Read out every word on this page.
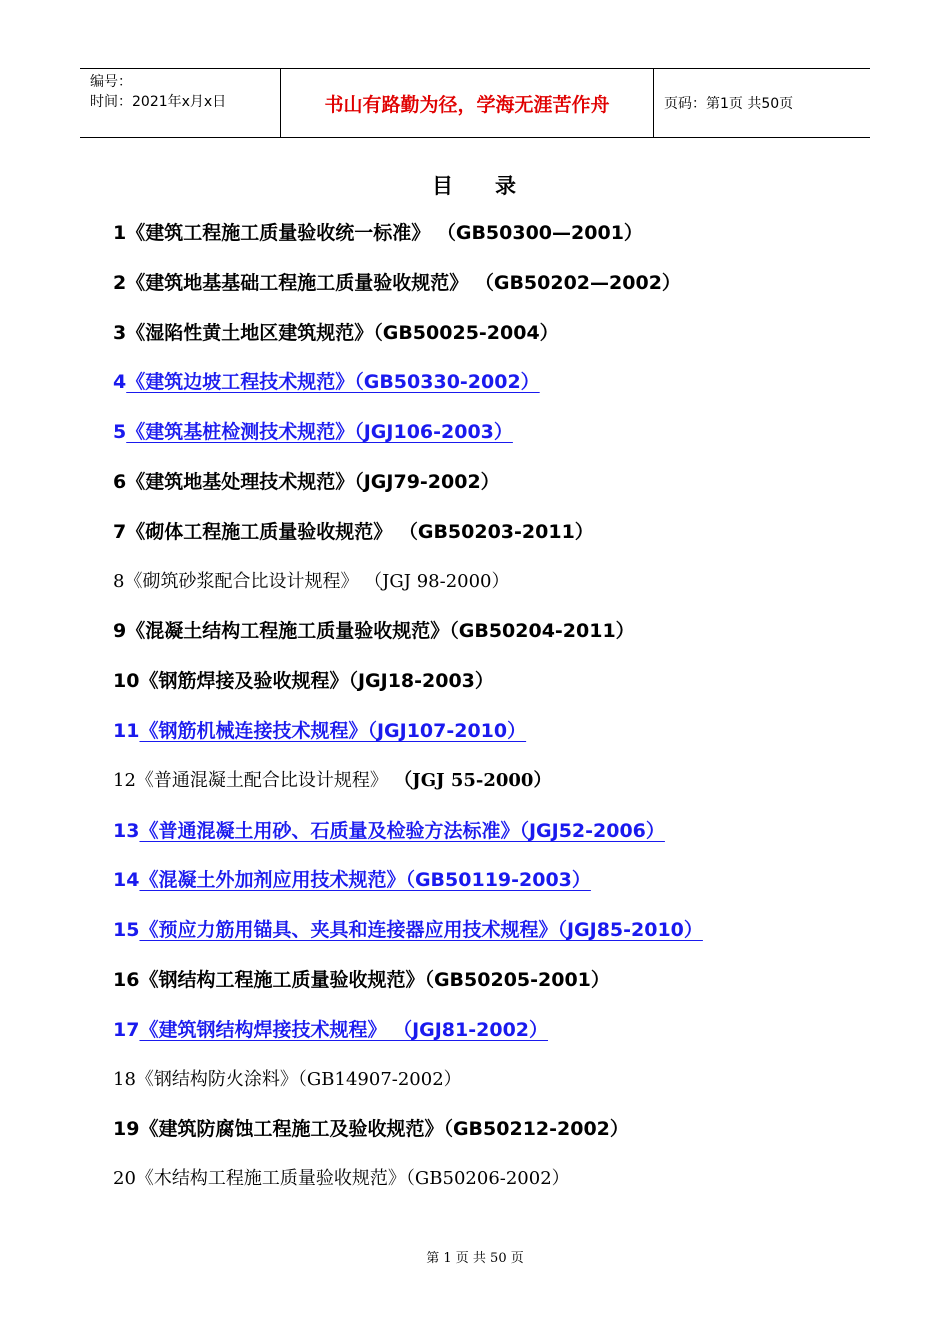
编号：
时间：2021年x月x日	书山有路勤为径，学海无涯苦作舟	页码：第1页 共50页
目 录
1《建筑工程施工质量验收统一标准》 （GB50300—2001）
2《建筑地基基础工程施工质量验收规范》 （GB50202—2002）
3《湿陷性黄土地区建筑规范》（GB50025-2004）
4《建筑边坡工程技术规范》（GB50330-2002）
5《建筑基桩检测技术规范》（JGJ106-2003）
6《建筑地基处理技术规范》（JGJ79-2002）
7《砌体工程施工质量验收规范》 （GB50203-2011）
8《砌筑砂浆配合比设计规程》 （JGJ 98-2000）
9《混凝土结构工程施工质量验收规范》（GB50204-2011）
10《钢筋焊接及验收规程》（JGJ18-2003）
11《钢筋机械连接技术规程》（JGJ107-2010）
12《普通混凝土配合比设计规程》 （JGJ 55-2000）
13《普通混凝土用砂、石质量及检验方法标准》（JGJ52-2006）
14《混凝土外加剂应用技术规范》（GB50119-2003）
15《预应力筋用锚具、夹具和连接器应用技术规程》（JGJ85-2010）
16《钢结构工程施工质量验收规范》（GB50205-2001）
17《建筑钢结构焊接技术规程》 （JGJ81-2002）
18《钢结构防火涂料》（GB14907-2002）
19《建筑防腐蚀工程施工及验收规范》（GB50212-2002）
20《木结构工程施工质量验收规范》（GB50206-2002）
第 1 页 共 50 页
